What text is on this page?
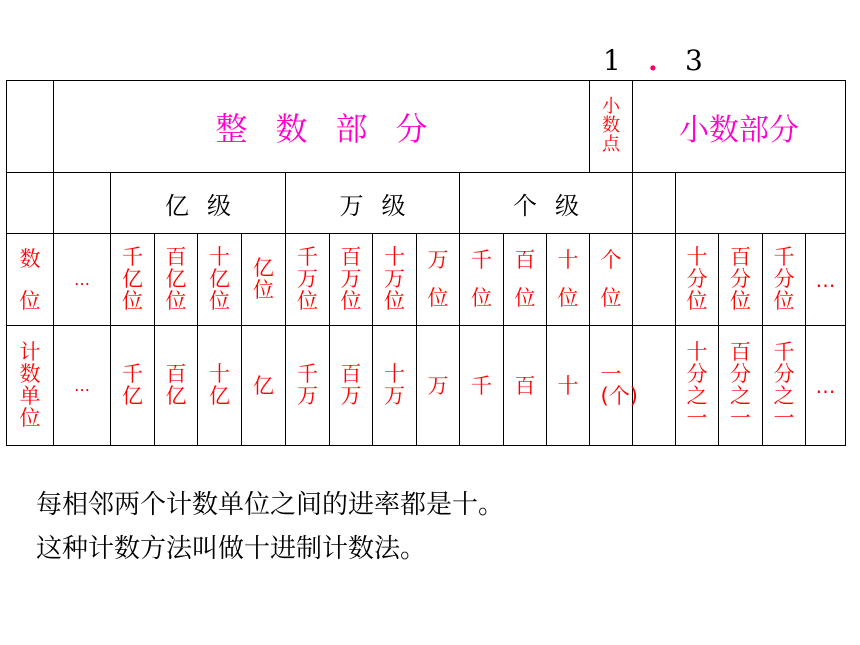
1 . 3
	整数部分												小数点	小数部分				
		亿级				万级				个级								
数位	…	千亿位	百亿位	十亿位	亿位	千万位	百万位	十万位	万位	千位	百位	十位	个位		十分位	百分位	千分位	…
计数单位	…	千亿	百亿	十亿	亿	千万	百万	十万	万	千	百	十	一(个)		十分之一	百分之一	千分之一	…
每相邻两个计数单位之间的进率都是十。
这种计数方法叫做十进制计数法。
